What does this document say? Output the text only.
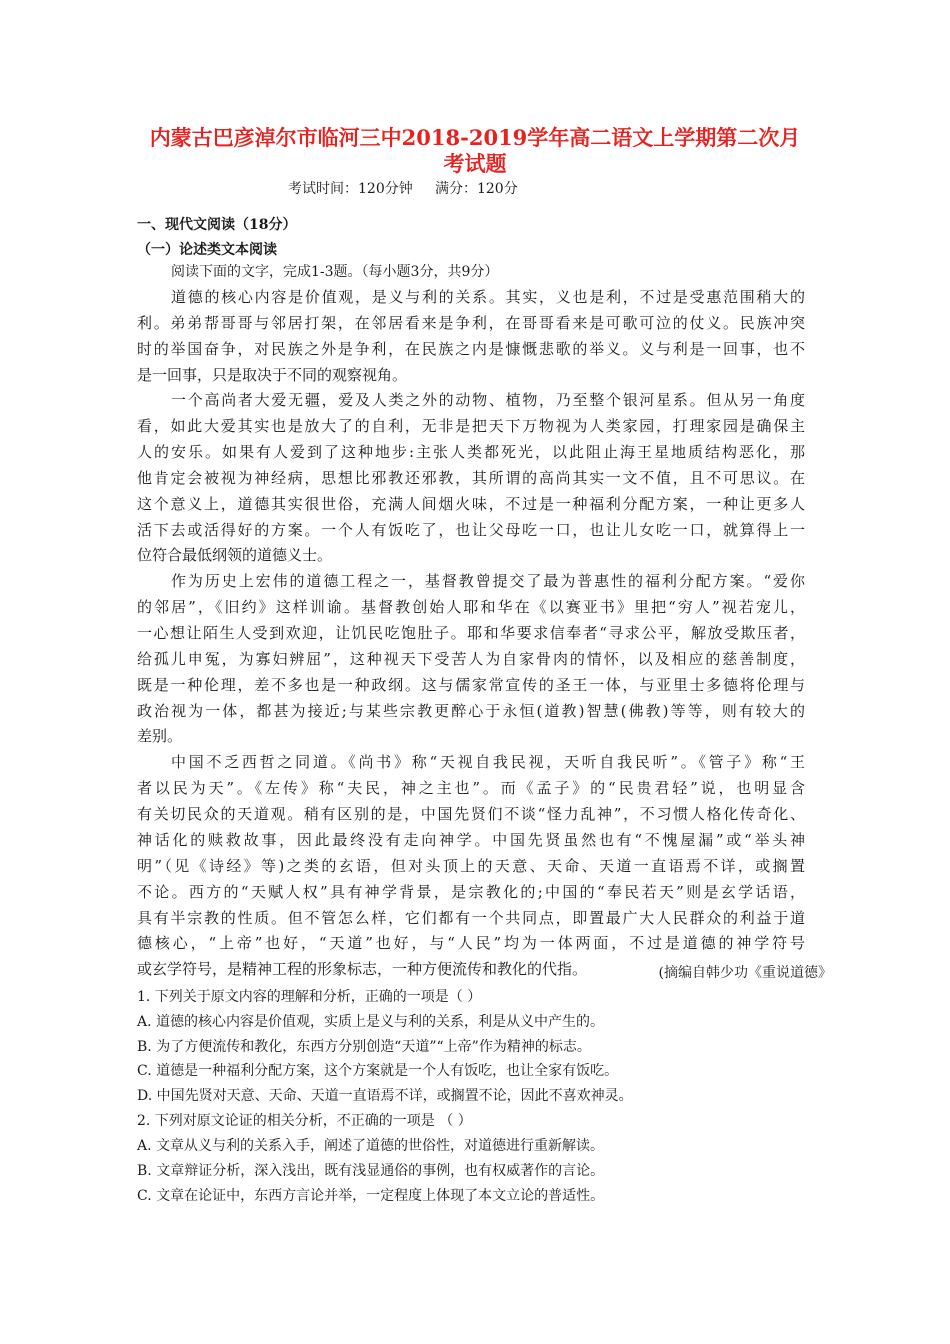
内蒙古巴彦淖尔市临河三中2018-2019学年高二语文上学期第二次月
考试题
考试时间：120分钟     满分：120分
一、现代文阅读（18分）
（一）论述类文本阅读
阅读下面的文字，完成1-3题。（每小题3分，共9分）
道德的核心内容是价值观，是义与利的关系。其实，义也是利，不过是受惠范围稍大的
利。弟弟帮哥哥与邻居打架，在邻居看来是争利，在哥哥看来是可歌可泣的仗义。民族冲突
时的举国奋争，对民族之外是争利，在民族之内是慷慨悲歌的举义。义与利是一回事，也不
是一回事，只是取决于不同的观察视角。
一个高尚者大爱无疆，爱及人类之外的动物、植物，乃至整个银河星系。但从另一角度
看，如此大爱其实也是放大了的自利，无非是把天下万物视为人类家园，打理家园是确保主
人的安乐。如果有人爱到了这种地步:主张人类都死光，以此阻止海王星地质结构恶化，那
他肯定会被视为神经病，思想比邪教还邪教，其所谓的高尚其实一文不值，且不可思议。在
这个意义上，道德其实很世俗，充满人间烟火味，不过是一种福利分配方案，一种让更多人
活下去或活得好的方案。一个人有饭吃了，也让父母吃一口，也让儿女吃一口，就算得上一
位符合最低纲领的道德义士。
作为历史上宏伟的道德工程之一，基督教曾提交了最为普惠性的福利分配方案。“爱你
的邻居”，《旧约》这样训谕。基督教创始人耶和华在《以赛亚书》里把“穷人”视若宠儿，
一心想让陌生人受到欢迎，让饥民吃饱肚子。耶和华要求信奉者“寻求公平，解放受欺压者，
给孤儿申冤，为寡妇辨屈”，这种视天下受苦人为自家骨肉的情怀，以及相应的慈善制度，
既是一种伦理，差不多也是一种政纲。这与儒家常宣传的圣王一体，与亚里士多德将伦理与
政治视为一体，都甚为接近;与某些宗教更醉心于永恒(道教)智慧(佛教)等等，则有较大的
差别。
中国不乏西哲之同道。《尚书》称“天视自我民视，天听自我民听”。《管子》称“王
者以民为天”。《左传》称“夫民，神之主也”。而《孟子》的“民贵君轻”说，也明显含
有关切民众的天道观。稍有区别的是，中国先贤们不谈“怪力乱神”，不习惯人格化传奇化、
神话化的赎救故事，因此最终没有走向神学。中国先贤虽然也有“不愧屋漏”或“举头神
明”（见《诗经》等)之类的玄语，但对头顶上的天意、天命、天道一直语焉不详，或搁置
不论。西方的“天赋人权”具有神学背景，是宗教化的;中国的“奉民若天”则是玄学话语，
具有半宗教的性质。但不管怎么样，它们都有一个共同点，即置最广大人民群众的利益于道
德核心，“上帝”也好，“天道”也好，与“人民”均为一体两面，不过是道德的神学符号
或玄学符号，是精神工程的形象标志，一种方便流传和教化的代指。	(摘编自韩少功《重说道德》
1. 下列关于原文内容的理解和分析，正确的一项是（ ）
A. 道德的核心内容是价值观，实质上是义与利的关系，利是从义中产生的。
B. 为了方便流传和教化，东西方分别创造“天道”“上帝”作为精神的标志。
C. 道德是一种福利分配方案，这个方案就是一个人有饭吃，也让全家有饭吃。
D. 中国先贤对天意、天命、天道一直语焉不详，或搁置不论，因此不喜欢神灵。
2. 下列对原文论证的相关分析，不正确的一项是 （ ）
A. 文章从义与利的关系入手，阐述了道德的世俗性，对道德进行重新解读。
B. 文章辩证分析，深入浅出，既有浅显通俗的事例，也有权威著作的言论。
C. 文章在论证中，东西方言论并举，一定程度上体现了本文立论的普适性。
